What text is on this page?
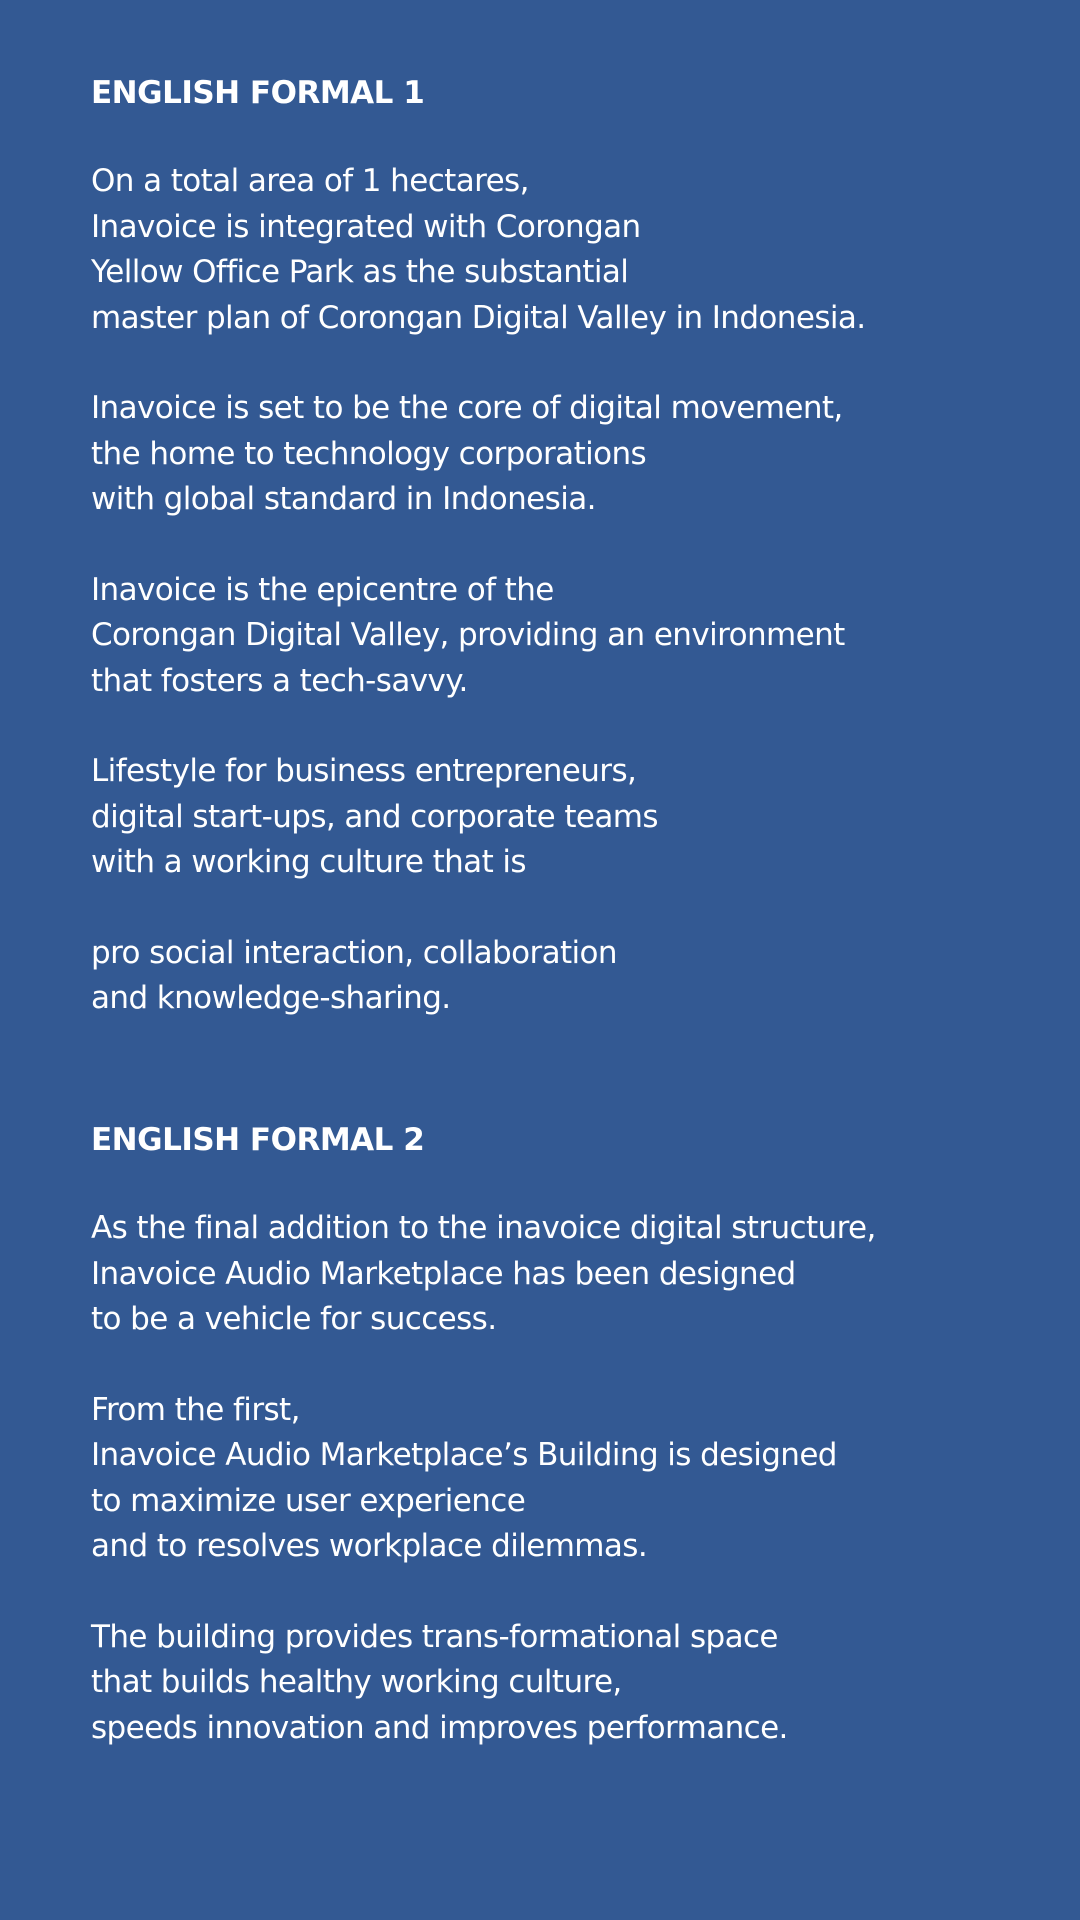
ENGLISH FORMAL 1
On a total area of 1 hectares,
Inavoice is integrated with Corongan
Yellow Office Park as the substantial
master plan of Corongan Digital Valley in Indonesia.
Inavoice is set to be the core of digital movement,
the home to technology corporations
with global standard in Indonesia.
Inavoice is the epicentre of the
Corongan Digital Valley, providing an environment
that fosters a tech-savvy.
Lifestyle for business entrepreneurs,
digital start-ups, and corporate teams
with a working culture that is
pro social interaction, collaboration
and knowledge-sharing.
ENGLISH FORMAL 2
As the final addition to the inavoice digital structure,
Inavoice Audio Marketplace has been designed
to be a vehicle for success.
From the first,
Inavoice Audio Marketplace’s Building is designed
to maximize user experience
and to resolves workplace dilemmas.
The building provides trans-formational space
that builds healthy working culture,
speeds innovation and improves performance.
